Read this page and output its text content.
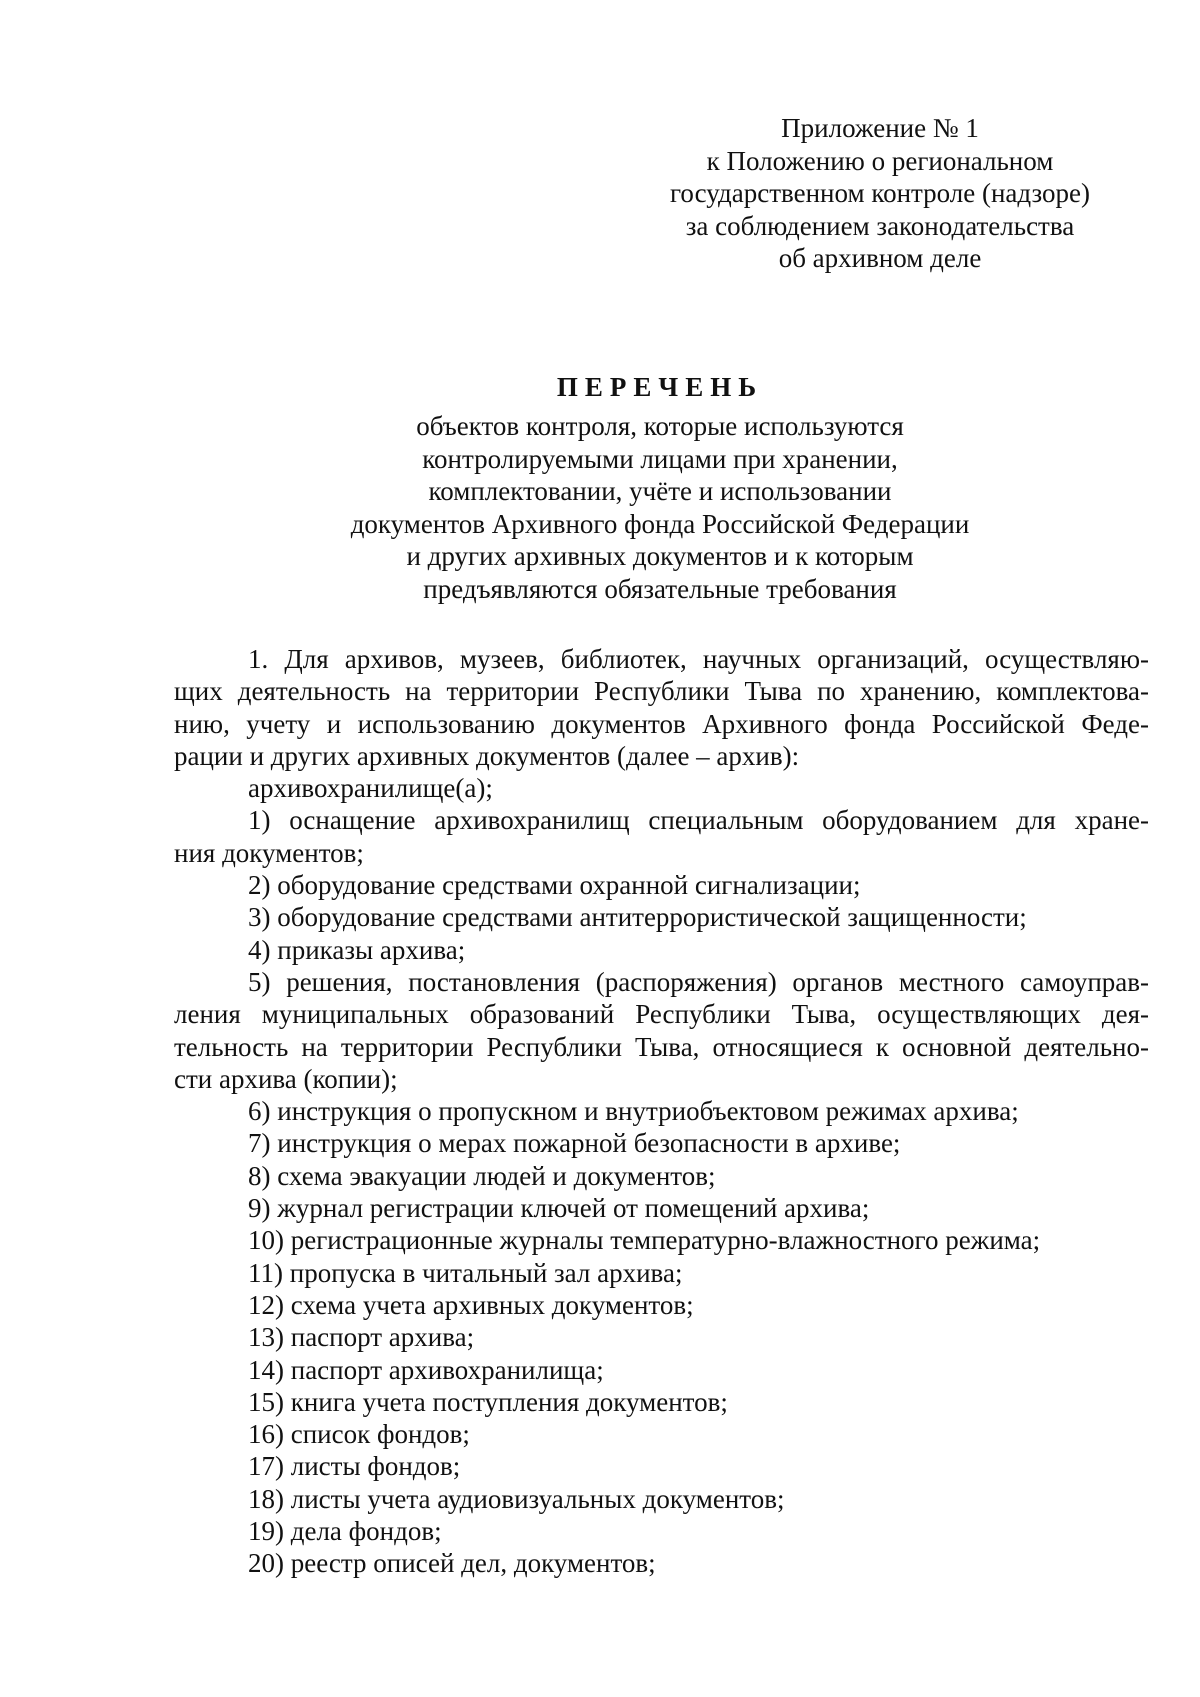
Приложение № 1
к Положению о региональном
государственном контроле (надзоре)
за соблюдением законодательства
об архивном деле
ПЕРЕЧЕНЬ
объектов контроля, которые используются
контролируемыми лицами при хранении,
комплектовании, учёте и использовании
документов Архивного фонда Российской Федерации
и других архивных документов и к которым
предъявляются обязательные требования
1. Для архивов, музеев, библиотек, научных организаций, осуществляю-
щих деятельность на территории Республики Тыва по хранению, комплектова-
нию, учету и использованию документов Архивного фонда Российской Феде-
рации и других архивных документов (далее – архив):
архивохранилище(а);
1) оснащение архивохранилищ специальным оборудованием для хране-
ния документов;
2) оборудование средствами охранной сигнализации;
3) оборудование средствами антитеррористической защищенности;
4) приказы архива;
5) решения, постановления (распоряжения) органов местного самоуправ-
ления муниципальных образований Республики Тыва, осуществляющих дея-
тельность на территории Республики Тыва, относящиеся к основной деятельно-
сти архива (копии);
6) инструкция о пропускном и внутриобъектовом режимах архива;
7) инструкция о мерах пожарной безопасности в архиве;
8) схема эвакуации людей и документов;
9) журнал регистрации ключей от помещений архива;
10) регистрационные журналы температурно-влажностного режима;
11) пропуска в читальный зал архива;
12) схема учета архивных документов;
13) паспорт архива;
14) паспорт архивохранилища;
15) книга учета поступления документов;
16) список фондов;
17) листы фондов;
18) листы учета аудиовизуальных документов;
19) дела фондов;
20) реестр описей дел, документов;
